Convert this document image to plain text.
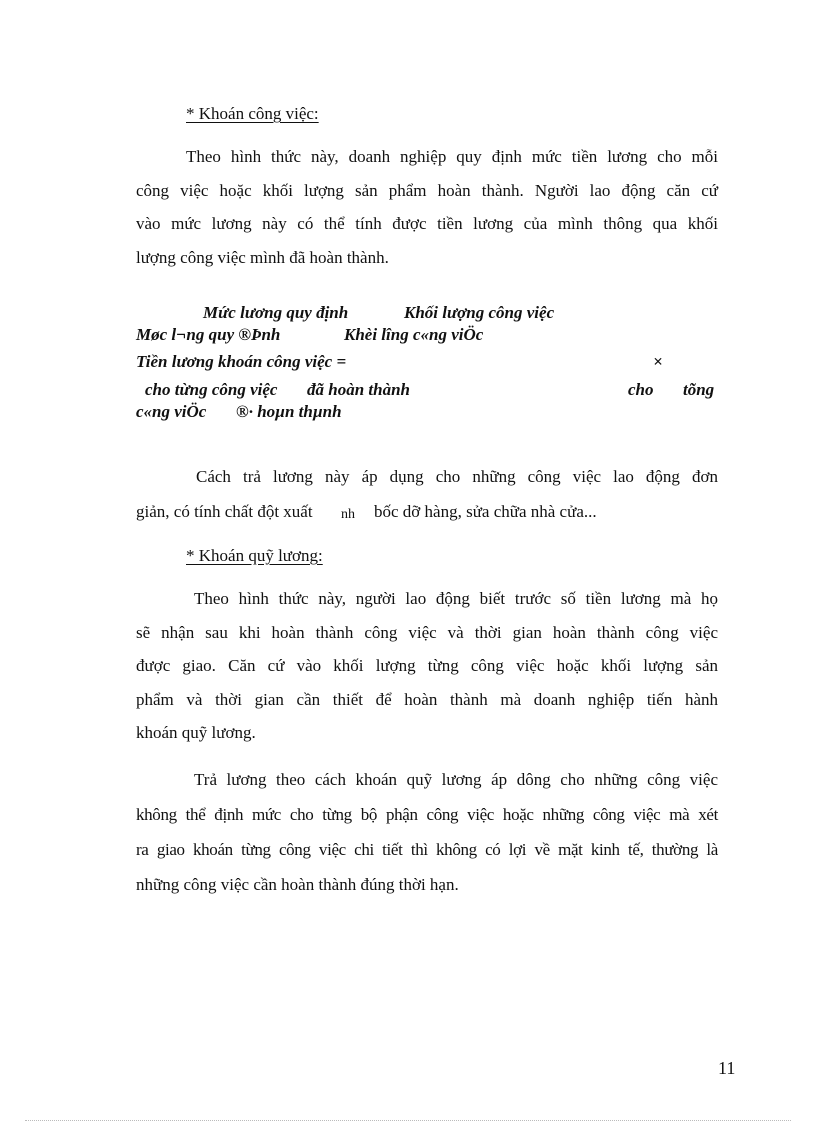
* Khoán công việc:
Theo hình thức này, doanh nghiệp quy định mức tiền lương cho mỗi
công việc hoặc khối lượng sản phẩm hoàn thành. Người lao động căn cứ
vào mức lương này có thể tính được tiền lương của mình thông qua khối
lượng công việc mình đã hoàn thành.
Mức lương quy định	Khối lượng công việc
Møc l¬ng quy ®Þnh	Khèi lîng c«ng viÖc
Tiền lương khoán công việc =	×
cho từng công việc đã hoàn thành	cho tõng
c«ng viÖc ®· hoµn thµnh
Cách trả lương này áp dụng cho những công việc lao động đơn
giản, có tính chất đột xuất nh bốc dỡ hàng, sửa chữa nhà cửa...
* Khoán quỹ lương:
Theo hình thức này, người lao động biết trước số tiền lương mà họ
sẽ nhận sau khi hoàn thành công việc và thời gian hoàn thành công việc
được giao. Căn cứ vào khối lượng từng công việc hoặc khối lượng sản
phẩm và thời gian cần thiết để hoàn thành mà doanh nghiệp tiến hành
khoán quỹ lương.
Trả lương theo cách khoán quỹ lương áp dông cho những công việc
không thể định mức cho từng bộ phận công việc hoặc những công việc mà xét
ra giao khoán từng công việc chi tiết thì không có lợi về mặt kinh tế, thường là
những công việc cần hoàn thành đúng thời hạn.
11
